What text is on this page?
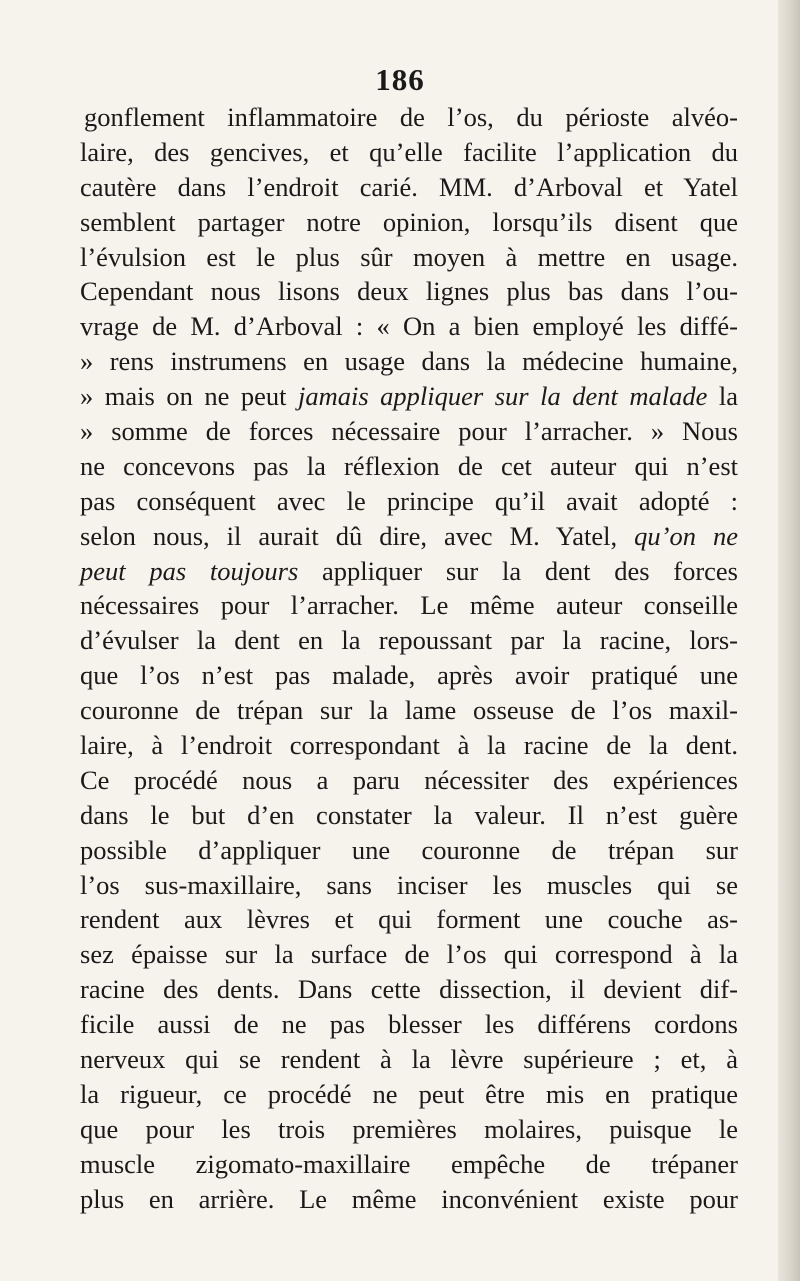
186
gonflement inflammatoire de l’os, du périoste alvéo-
laire, des gencives, et qu’elle facilite l’application du
cautère dans l’endroit carié. MM. d’Arboval et Yatel
semblent partager notre opinion, lorsqu’ils disent que
l’évulsion est le plus sûr moyen à mettre en usage.
Cependant nous lisons deux lignes plus bas dans l’ou-
vrage de M. d’Arboval : « On a bien employé les diffé-
» rens instrumens en usage dans la médecine humaine,
» mais on ne peut jamais appliquer sur la dent malade la
» somme de forces nécessaire pour l’arracher. » Nous
ne concevons pas la réflexion de cet auteur qui n’est
pas conséquent avec le principe qu’il avait adopté :
selon nous, il aurait dû dire, avec M. Yatel, qu’on ne
peut pas toujours appliquer sur la dent des forces
nécessaires pour l’arracher. Le même auteur conseille
d’évulser la dent en la repoussant par la racine, lors-
que l’os n’est pas malade, après avoir pratiqué une
couronne de trépan sur la lame osseuse de l’os maxil-
laire, à l’endroit correspondant à la racine de la dent.
Ce procédé nous a paru nécessiter des expériences
dans le but d’en constater la valeur. Il n’est guère
possible d’appliquer une couronne de trépan sur
l’os sus-maxillaire, sans inciser les muscles qui se
rendent aux lèvres et qui forment une couche as-
sez épaisse sur la surface de l’os qui correspond à la
racine des dents. Dans cette dissection, il devient dif-
ficile aussi de ne pas blesser les différens cordons
nerveux qui se rendent à la lèvre supérieure ; et, à
la rigueur, ce procédé ne peut être mis en pratique
que pour les trois premières molaires, puisque le
muscle zigomato-maxillaire empêche de trépaner
plus en arrière. Le même inconvénient existe pour
